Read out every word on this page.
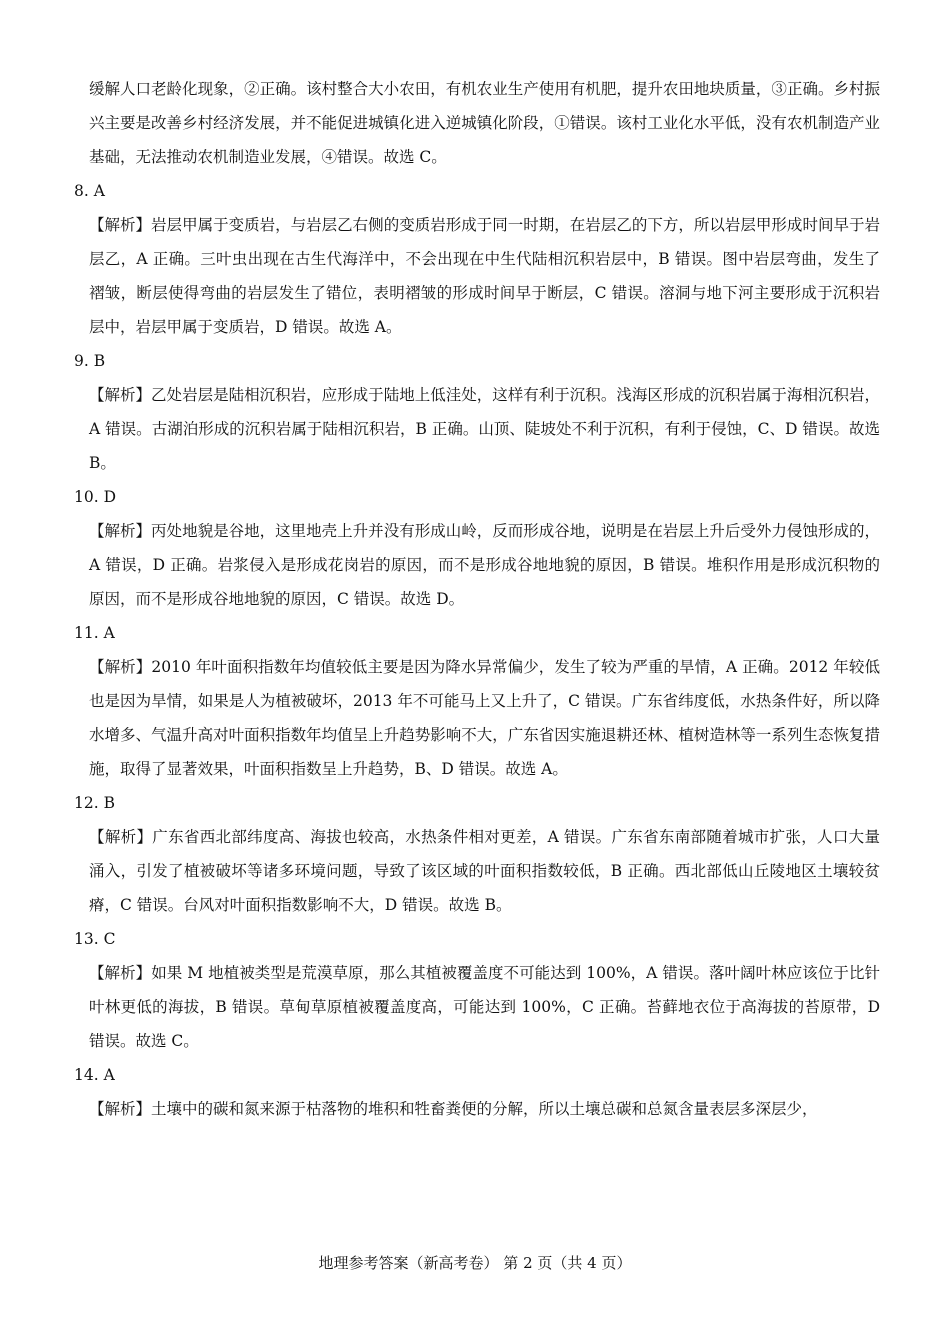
缓解人口老龄化现象，②正确。该村整合大小农田，有机农业生产使用有机肥，提升农田地块质量，③正确。乡村振兴主要是改善乡村经济发展，并不能促进城镇化进入逆城镇化阶段，①错误。该村工业化水平低，没有农机制造产业基础，无法推动农机制造业发展，④错误。故选 C。

8. A

【解析】岩层甲属于变质岩，与岩层乙右侧的变质岩形成于同一时期，在岩层乙的下方，所以岩层甲形成时间早于岩层乙，A 正确。三叶虫出现在古生代海洋中，不会出现在中生代陆相沉积岩层中，B 错误。图中岩层弯曲，发生了褶皱，断层使得弯曲的岩层发生了错位，表明褶皱的形成时间早于断层，C 错误。溶洞与地下河主要形成于沉积岩层中，岩层甲属于变质岩，D 错误。故选 A。

9. B

【解析】乙处岩层是陆相沉积岩，应形成于陆地上低洼处，这样有利于沉积。浅海区形成的沉积岩属于海相沉积岩，A 错误。古湖泊形成的沉积岩属于陆相沉积岩，B 正确。山顶、陡坡处不利于沉积，有利于侵蚀，C、D 错误。故选 B。

10. D

【解析】丙处地貌是谷地，这里地壳上升并没有形成山岭，反而形成谷地，说明是在岩层上升后受外力侵蚀形成的，A 错误，D 正确。岩浆侵入是形成花岗岩的原因，而不是形成谷地地貌的原因，B 错误。堆积作用是形成沉积物的原因，而不是形成谷地地貌的原因，C 错误。故选 D。

11. A

【解析】2010 年叶面积指数年均值较低主要是因为降水异常偏少，发生了较为严重的旱情，A 正确。2012 年较低也是因为旱情，如果是人为植被破坏，2013 年不可能马上又上升了，C 错误。广东省纬度低，水热条件好，所以降水增多、气温升高对叶面积指数年均值呈上升趋势影响不大，广东省因实施退耕还林、植树造林等一系列生态恢复措施，取得了显著效果，叶面积指数呈上升趋势，B、D 错误。故选 A。

12. B

【解析】广东省西北部纬度高、海拔也较高，水热条件相对更差，A 错误。广东省东南部随着城市扩张，人口大量涌入，引发了植被破坏等诸多环境问题，导致了该区域的叶面积指数较低，B 正确。西北部低山丘陵地区土壤较贫瘠，C 错误。台风对叶面积指数影响不大，D 错误。故选 B。

13. C

【解析】如果 M 地植被类型是荒漠草原，那么其植被覆盖度不可能达到 100%，A 错误。落叶阔叶林应该位于比针叶林更低的海拔，B 错误。草甸草原植被覆盖度高，可能达到 100%，C 正确。苔藓地衣位于高海拔的苔原带，D 错误。故选 C。

14. A

【解析】土壤中的碳和氮来源于枯落物的堆积和牲畜粪便的分解，所以土壤总碳和总氮含量表层多深层少，

地理参考答案（新高考卷） 第 2 页（共 4 页）
